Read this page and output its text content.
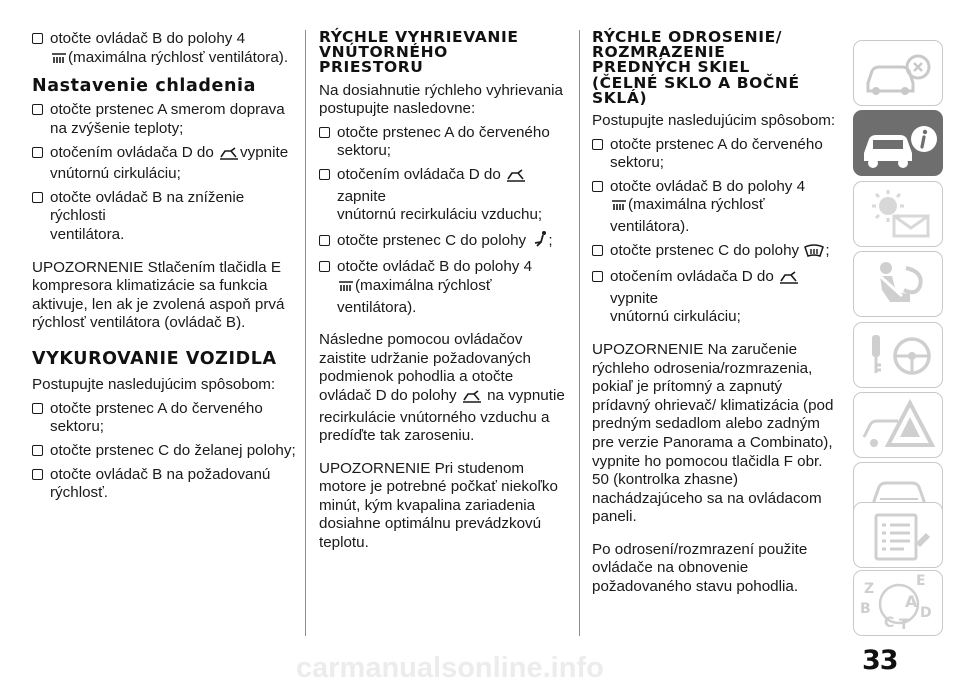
otočte ovládač B do polohy 4
(maximálna rýchlosť ventilátora).
Nastavenie chladenia
otočte prstenec A smerom doprava
na zvýšenie teploty;
otočením ovládača D do vypnite
vnútornú cirkuláciu;
otočte ovládač B na zníženie rýchlosti
ventilátora.
UPOZORNENIE Stlačením tlačidla E kompresora klimatizácie sa funkcia aktivuje, len ak je zvolená aspoň prvá rýchlosť ventilátora (ovládač B).
VYKUROVANIE VOZIDLA
Postupujte nasledujúcim spôsobom:
otočte prstenec A do červeného
sektoru;
otočte prstenec C do želanej polohy;
otočte ovládač B na požadovanú
rýchlosť.
RÝCHLE VYHRIEVANIE
VNÚTORNÉHO
PRIESTORU
Na dosiahnutie rýchleho vyhrievania postupujte nasledovne:
otočte prstenec A do červeného
sektoru;
otočením ovládača D do zapnite
vnútornú recirkuláciu vzduchu;
otočte prstenec C do polohy ;
otočte ovládač B do polohy 4
(maximálna rýchlosť ventilátora).
Následne pomocou ovládačov zaistite udržanie požadovaných podmienok pohodlia a otočte ovládač D do polohy na vypnutie recirkulácie vnútorného vzduchu a predíďte tak zaroseniu.
UPOZORNENIE Pri studenom motore je potrebné počkať niekoľko minút, kým kvapalina zariadenia dosiahne optimálnu prevádzkovú teplotu.
RÝCHLE ODROSENIE/
ROZMRAZENIE
PREDNÝCH SKIEL
(ČELNÉ SKLO A BOČNÉ
SKLÁ)
Postupujte nasledujúcim spôsobom:
otočte prstenec A do červeného
sektoru;
otočte ovládač B do polohy 4
(maximálna rýchlosť ventilátora).
otočte prstenec C do polohy ;
otočením ovládača D do vypnite
vnútornú cirkuláciu;
UPOZORNENIE Na zaručenie rýchleho odrosenia/rozmrazenia, pokiaľ je prítomný a zapnutý prídavný ohrievač/ klimatizácia (pod predným sedadlom alebo zadným pre verzie Panorama a Combinato), vypnite ho pomocou tlačidla F obr. 50 (kontrolka zhasne) nachádzajúceho sa na ovládacom paneli.
Po odrosení/rozmrazení použite ovládače na obnovenie požadovaného stavu pohodlia.	Z	E
A
B	D
C T
carmanualsonline.info	33
